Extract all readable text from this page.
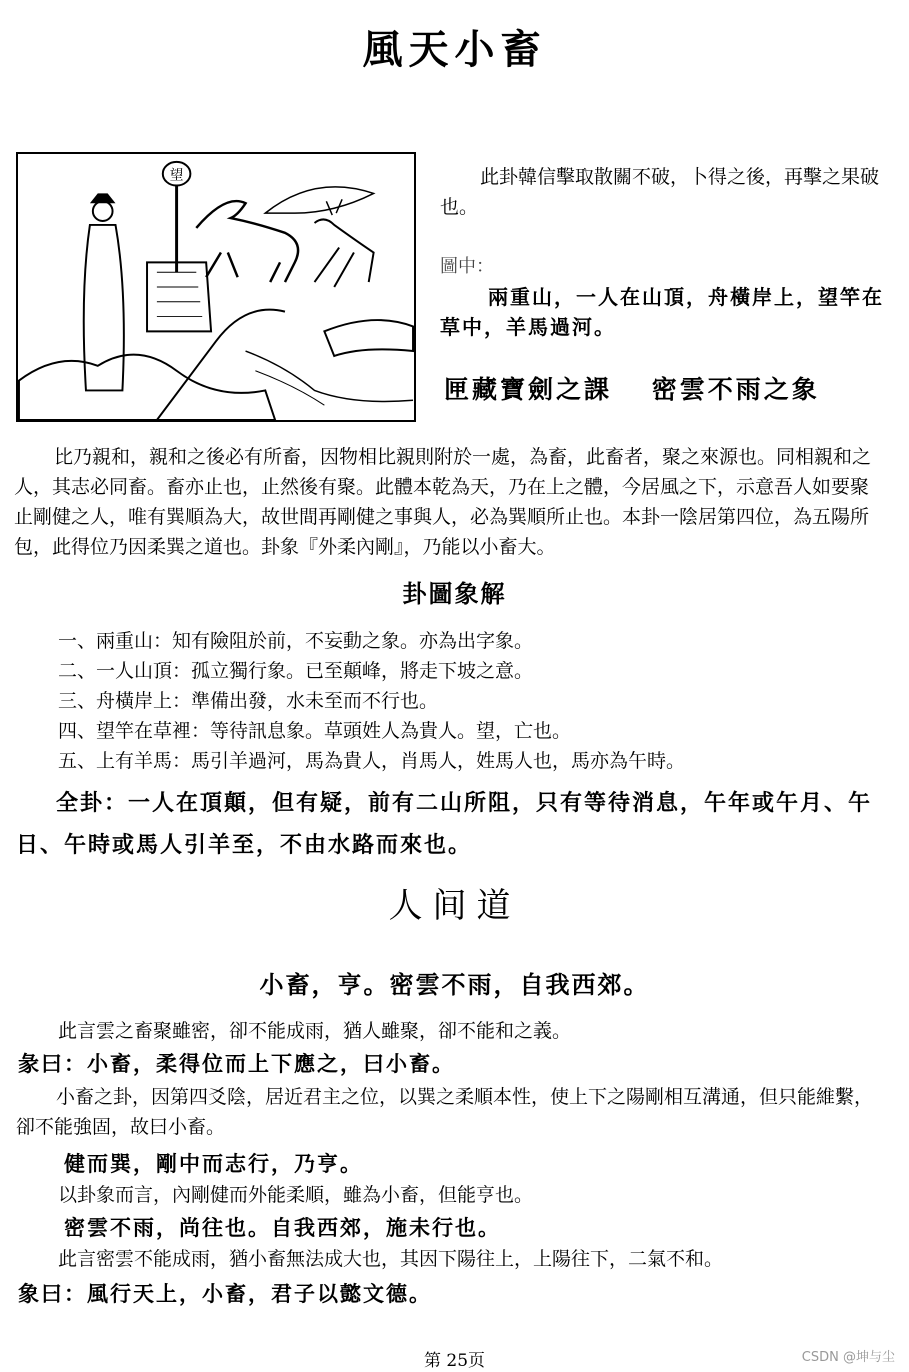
風天小畜
望	此卦韓信擊取散關不破，卜得之後，再擊之果破也。

圖中：

兩重山，一人在山頂，舟橫岸上，望竿在草中，羊馬過河。

匣藏寶劍之課　 密雲不雨之象

比乃親和，親和之後必有所畜，因物相比親則附於一處，為畜，此畜者，聚之來源也。同相親和之人，其志必同畜。畜亦止也，止然後有聚。此體本乾為天，乃在上之體，今居風之下，示意吾人如要聚止剛健之人，唯有巽順為大，故世間再剛健之事與人，必為巽順所止也。本卦一陰居第四位，為五陽所包，此得位乃因柔巽之道也。卦象『外柔內剛』，乃能以小畜大。

卦圖象解
一、兩重山：知有險阻於前，不妄動之象。亦為出字象。
二、一人山頂：孤立獨行象。已至顛峰，將走下坡之意。
三、舟橫岸上：準備出發，水未至而不行也。
四、望竿在草裡：等待訊息象。草頭姓人為貴人。望，亡也。
五、上有羊馬：馬引羊過河，馬為貴人，肖馬人，姓馬人也，馬亦為午時。

全卦：一人在頂顛，但有疑，前有二山所阻，只有等待消息，午年或午月、午日、午時或馬人引羊至，不由水路而來也。

人间道
小畜，亨。密雲不雨，自我西郊。

此言雲之畜聚雖密，卻不能成雨，猶人雖聚，卻不能和之義。

彖曰：小畜，柔得位而上下應之，曰小畜。

小畜之卦，因第四爻陰，居近君主之位，以巽之柔順本性，使上下之陽剛相互溝通，但只能維繫，卻不能強固，故曰小畜。

健而巽，剛中而志行，乃亨。

以卦象而言，內剛健而外能柔順，雖為小畜，但能亨也。

密雲不雨，尚往也。自我西郊，施未行也。

此言密雲不能成雨，猶小畜無法成大也，其因下陽往上，上陽往下，二氣不和。

象曰：風行天上，小畜，君子以懿文德。
第 25页	CSDN @坤与尘
